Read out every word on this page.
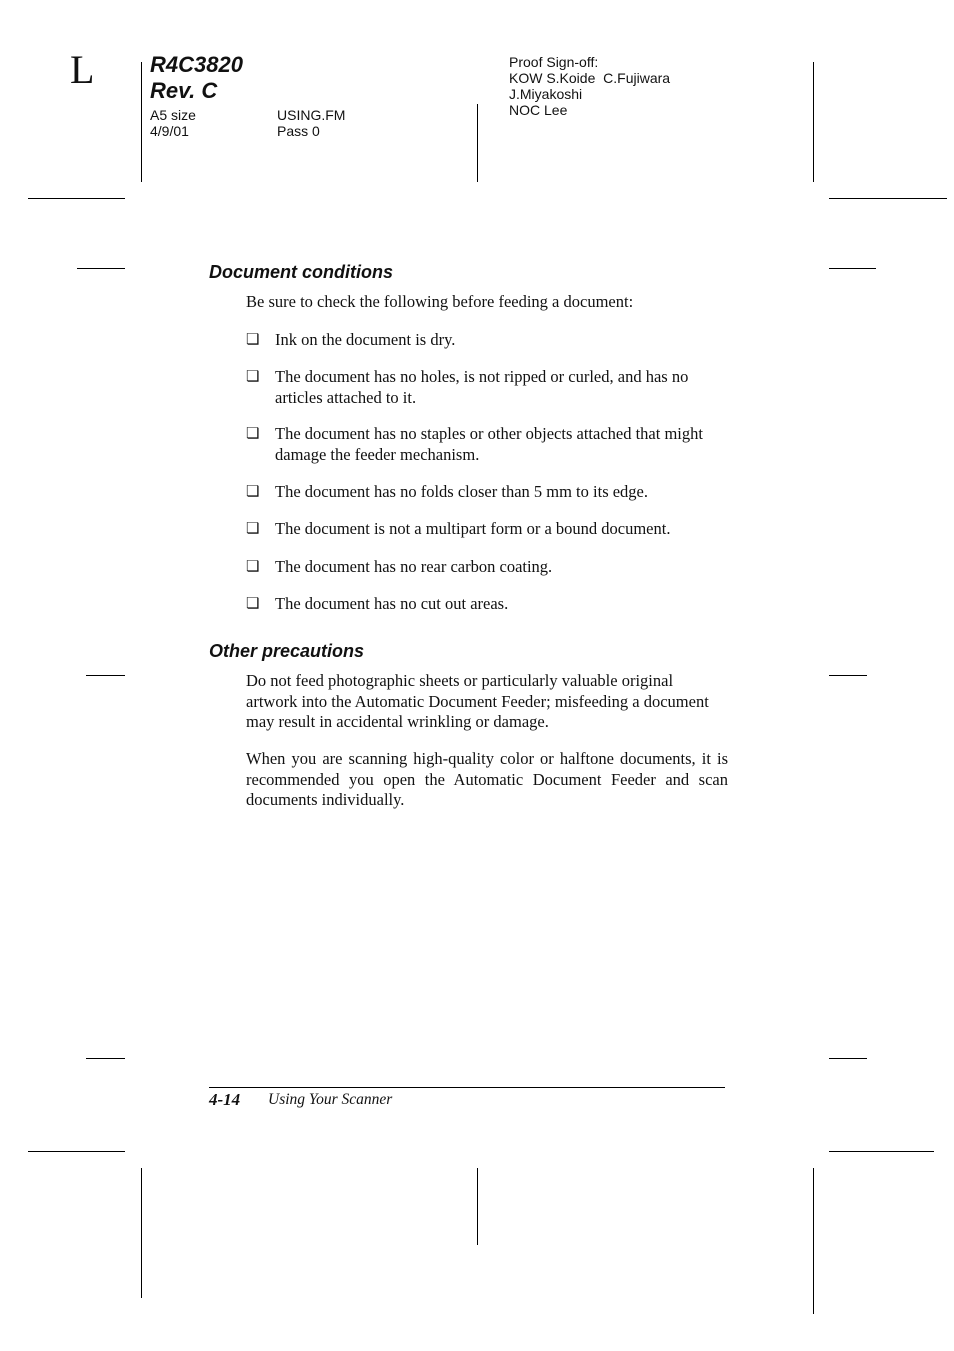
L	R4C3820
Rev. C
A5 size
4/9/01
USING.FM
Pass 0
Proof Sign-off:
KOW S.Koide  C.Fujiwara
J.Miyakoshi
NOC Lee
Document conditions
Be sure to check the following before feeding a document:
❏ Ink on the document is dry.
❏ The document has no holes, is not ripped or curled, and has no articles attached to it.
❏ The document has no staples or other objects attached that might damage the feeder mechanism.
❏ The document has no folds closer than 5 mm to its edge.
❏ The document is not a multipart form or a bound document.
❏ The document has no rear carbon coating.
❏ The document has no cut out areas.
Other precautions
Do not feed photographic sheets or particularly valuable original artwork into the Automatic Document Feeder; misfeeding a document may result in accidental wrinkling or damage.
When you are scanning high-quality color or halftone documents, it is recommended you open the Automatic Document Feeder and scan documents individually.
4-14 Using Your Scanner
